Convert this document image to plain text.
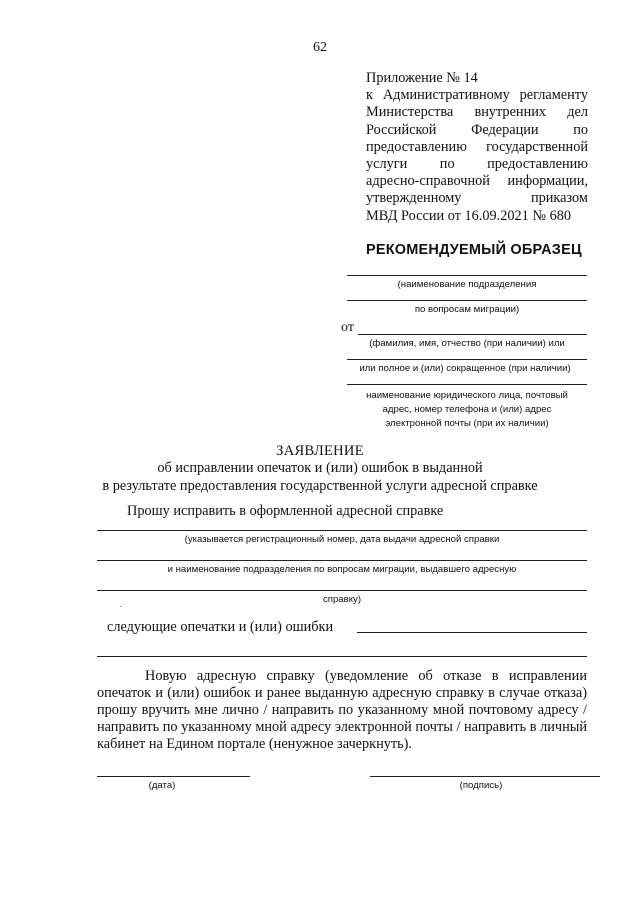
62
Приложение № 14
к Административному регламенту
Министерства внутренних дел
Российской Федерации по
предоставлению государственной
услуги по предоставлению
адресно-справочной информации,
утвержденному приказом
МВД России от 16.09.2021 № 680
РЕКОМЕНДУЕМЫЙ ОБРАЗЕЦ
(наименование подразделения
по вопросам миграции)
от
(фамилия, имя, отчество (при наличии) или
или полное и (или) сокращенное (при наличии)
наименование юридического лица, почтовый
адрес, номер телефона и (или) адрес
электронной почты (при их наличии)
ЗАЯВЛЕНИЕ
об исправлении опечаток и (или) ошибок в выданной
в результате предоставления государственной услуги адресной справке
Прошу исправить в оформленной адресной справке
(указывается регистрационный номер, дата выдачи адресной справки
и наименование подразделения по вопросам миграции, выдавшего адресную
справку)
.
следующие опечатки и (или) ошибки
Новую адресную справку (уведомление об отказе в исправлении опечаток и (или) ошибок и ранее выданную адресную справку в случае отказа) прошу вручить мне лично / направить по указанному мной почтовому адресу / направить по указанному мной адресу электронной почты / направить в личный кабинет на Едином портале (ненужное зачеркнуть).
(дата)	(подпись)
